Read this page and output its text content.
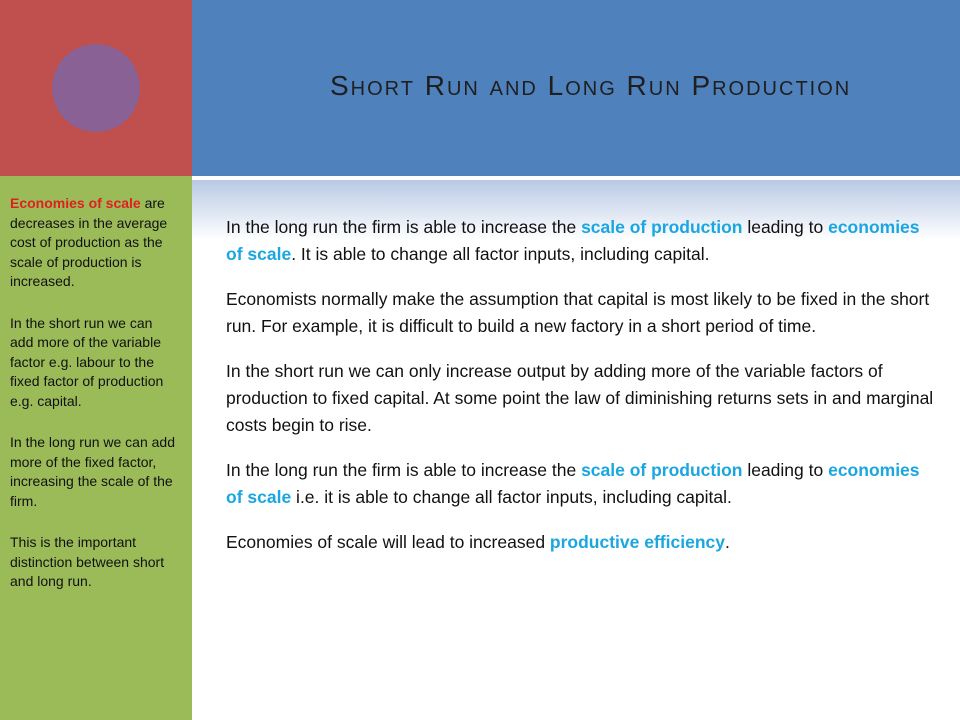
Short Run and Long Run Production

Economies of scale are decreases in the average cost of production as the scale of production is increased.

In the short run we can add more of the variable factor e.g. labour to the fixed factor of production e.g. capital.

In the long run we can add more of the fixed factor, increasing the scale of the firm.

This is the important distinction between short and long run.

In the long run the firm is able to increase the scale of production leading to economies of scale. It is able to change all factor inputs, including capital.

Economists normally make the assumption that capital is most likely to be fixed in the short run. For example, it is difficult to build a new factory in a short period of time.

In the short run we can only increase output by adding more of the variable factors of production to fixed capital. At some point the law of diminishing returns sets in and marginal costs begin to rise.

In the long run the firm is able to increase the scale of production leading to economies of scale i.e. it is able to change all factor inputs, including capital.

Economies of scale will lead to increased productive efficiency.
